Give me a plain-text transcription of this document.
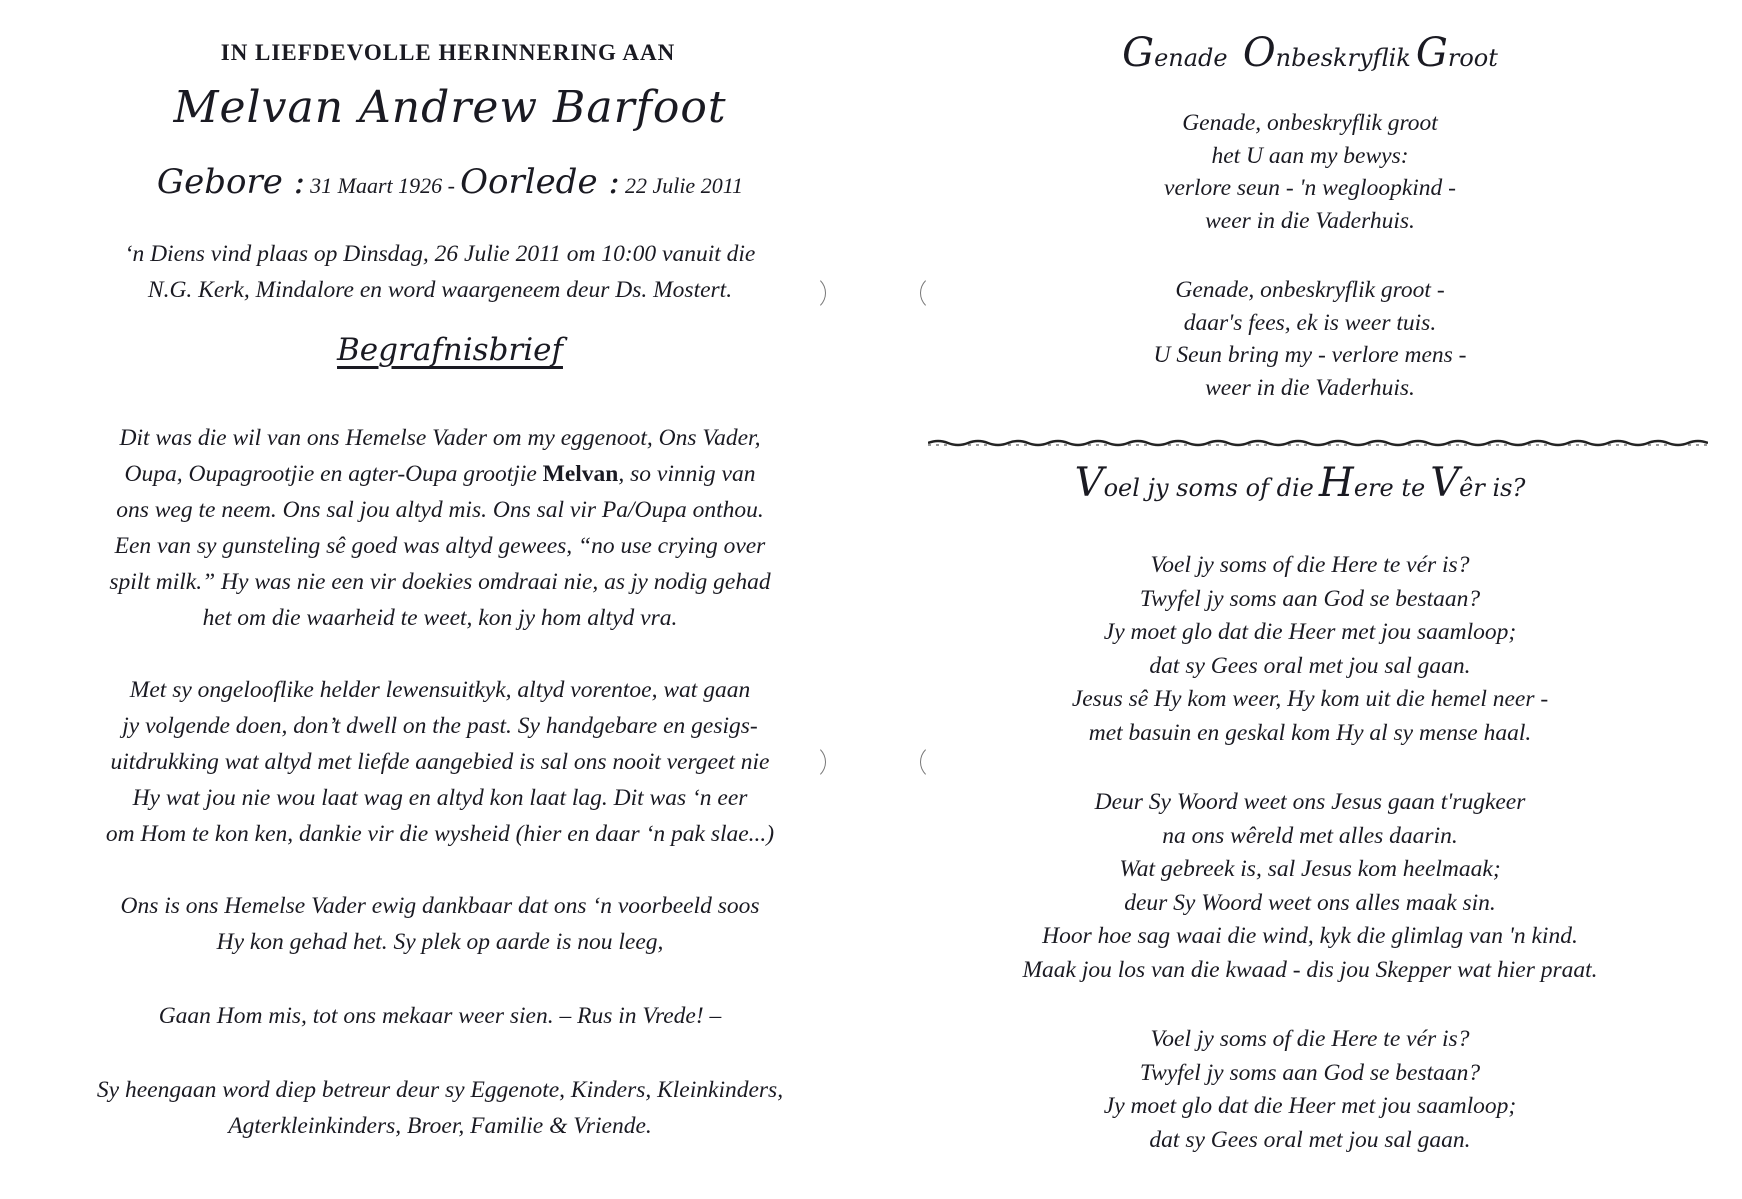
IN LIEFDEVOLLE HERINNERING AAN
Melvan Andrew Barfoot
Gebore : 31 Maart 1926 - Oorlede : 22 Julie 2011
‘n Diens vind plaas op Dinsdag, 26 Julie 2011 om 10:00 vanuit die
N.G. Kerk, Mindalore en word waargeneem deur Ds. Mostert.
Begrafnisbrief
Dit was die wil van ons Hemelse Vader om my eggenoot, Ons Vader,
Oupa, Oupagrootjie en agter-Oupa grootjie Melvan, so vinnig van
ons weg te neem. Ons sal jou altyd mis. Ons sal vir Pa/Oupa onthou.
Een van sy gunsteling sê goed was altyd gewees, “no use crying over
spilt milk.” Hy was nie een vir doekies omdraai nie, as jy nodig gehad
het om die waarheid te weet, kon jy hom altyd vra.
Met sy ongelooflike helder lewensuitkyk, altyd vorentoe, wat gaan
jy volgende doen, don’t dwell on the past. Sy handgebare en gesigs-
uitdrukking wat altyd met liefde aangebied is sal ons nooit vergeet nie
Hy wat jou nie wou laat wag en altyd kon laat lag. Dit was ‘n eer
om Hom te kon ken, dankie vir die wysheid (hier en daar ‘n pak slae...)
Ons is ons Hemelse Vader ewig dankbaar dat ons ‘n voorbeeld soos
Hy kon gehad het. Sy plek op aarde is nou leeg,
Gaan Hom mis, tot ons mekaar weer sien. – Rus in Vrede! –
Sy heengaan word diep betreur deur sy Eggenote, Kinders, Kleinkinders,
Agterkleinkinders, Broer, Familie & Vriende.
Genade Onbeskryflik Groot
Genade, onbeskryflik groot
het U aan my bewys:
verlore seun - 'n wegloopkind -
weer in die Vaderhuis.
Genade, onbeskryflik groot -
daar's fees, ek is weer tuis.
U Seun bring my - verlore mens -
weer in die Vaderhuis.
Voel jy soms of die Here te Vêr is?
Voel jy soms of die Here te vér is?
Twyfel jy soms aan God se bestaan?
Jy moet glo dat die Heer met jou saamloop;
dat sy Gees oral met jou sal gaan.
Jesus sê Hy kom weer, Hy kom uit die hemel neer -
met basuin en geskal kom Hy al sy mense haal.
Deur Sy Woord weet ons Jesus gaan t'rugkeer
na ons wêreld met alles daarin.
Wat gebreek is, sal Jesus kom heelmaak;
deur Sy Woord weet ons alles maak sin.
Hoor hoe sag waai die wind, kyk die glimlag van 'n kind.
Maak jou los van die kwaad - dis jou Skepper wat hier praat.
Voel jy soms of die Here te vér is?
Twyfel jy soms aan God se bestaan?
Jy moet glo dat die Heer met jou saamloop;
dat sy Gees oral met jou sal gaan.
